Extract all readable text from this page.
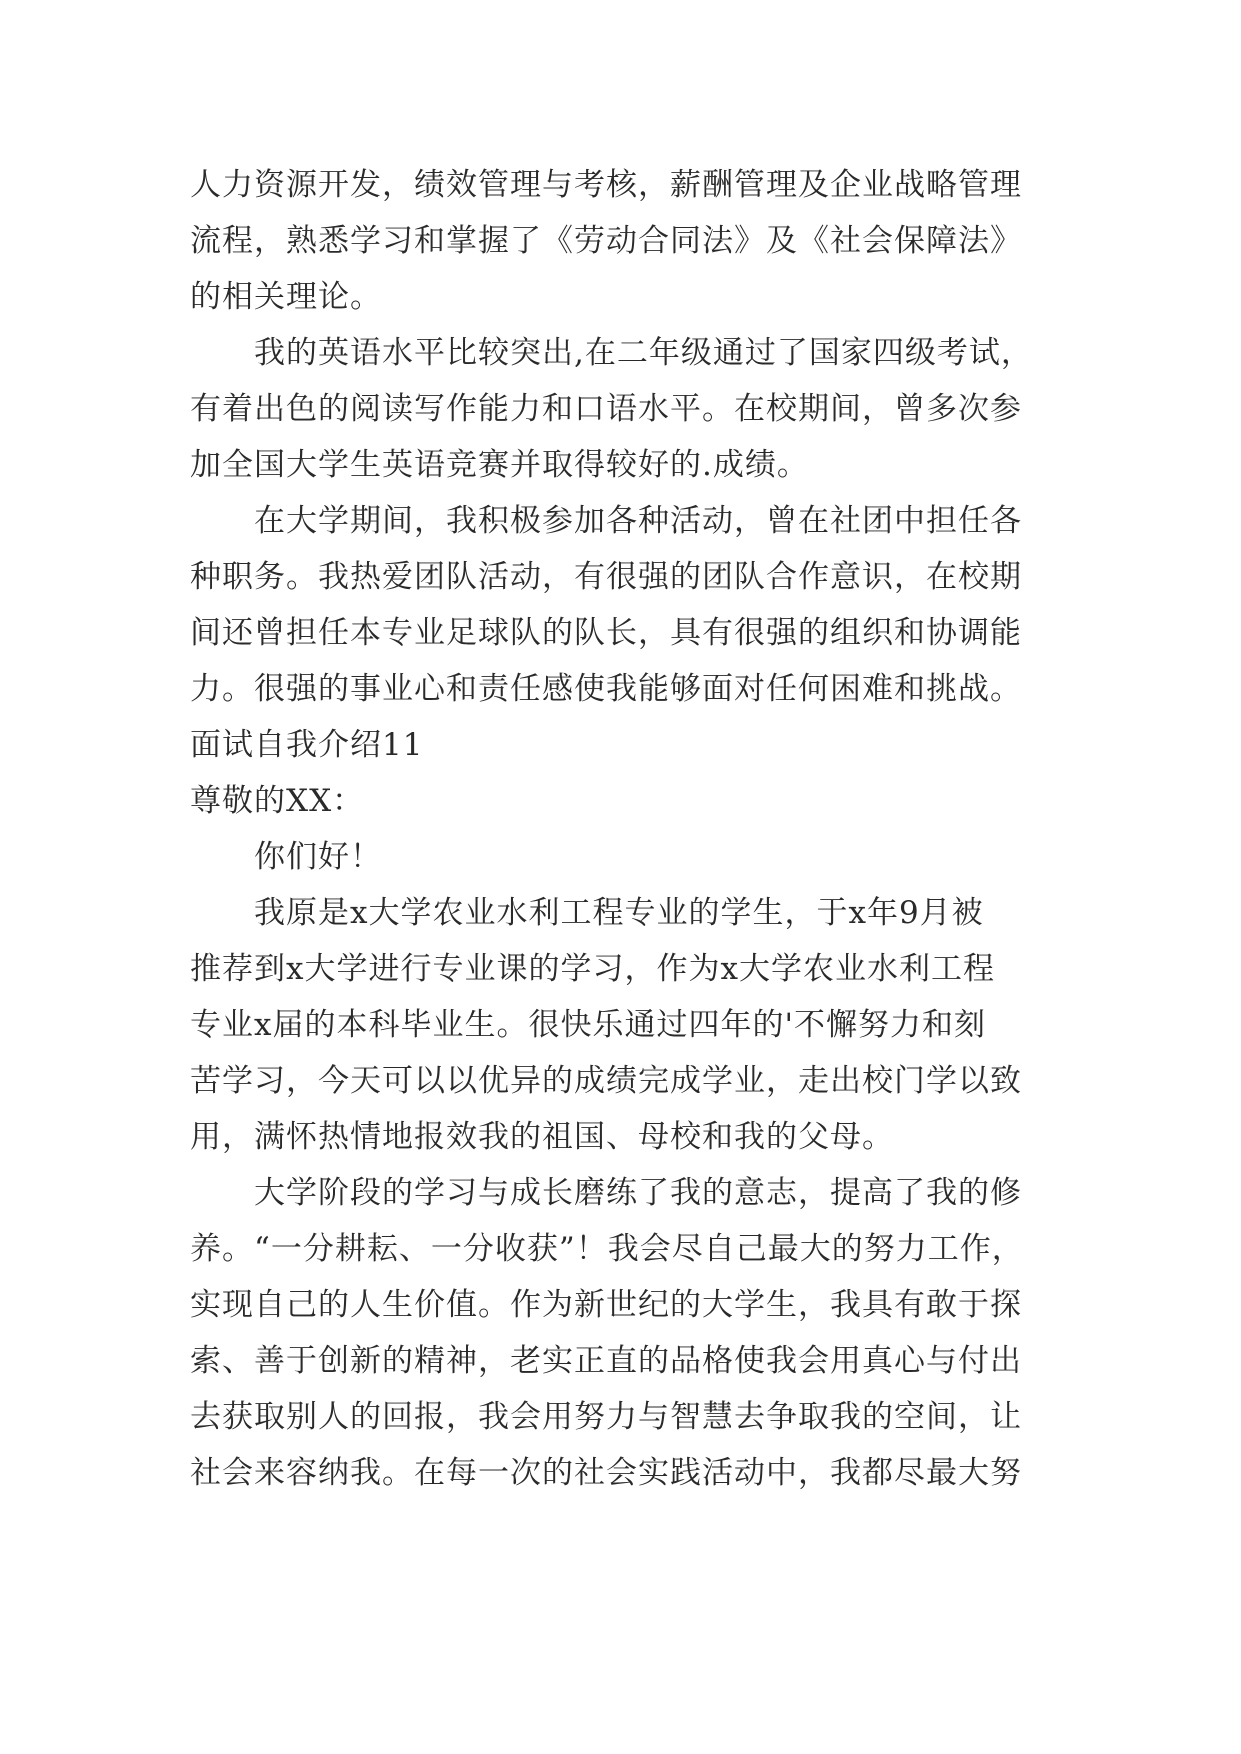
人力资源开发，绩效管理与考核，薪酬管理及企业战略管理
流程，熟悉学习和掌握了《劳动合同法》及《社会保障法》
的相关理论。
我的英语水平比较突出,在二年级通过了国家四级考试，
有着出色的阅读写作能力和口语水平。在校期间，曾多次参
加全国大学生英语竞赛并取得较好的.成绩。
在大学期间，我积极参加各种活动，曾在社团中担任各
种职务。我热爱团队活动，有很强的团队合作意识，在校期
间还曾担任本专业足球队的队长，具有很强的组织和协调能
力。很强的事业心和责任感使我能够面对任何困难和挑战。
面试自我介绍11
尊敬的XX：
你们好！
我原是x大学农业水利工程专业的学生，于x年9月被
推荐到x大学进行专业课的学习，作为x大学农业水利工程
专业x届的本科毕业生。很快乐通过四年的'不懈努力和刻
苦学习，今天可以以优异的成绩完成学业，走出校门学以致
用，满怀热情地报效我的祖国、母校和我的父母。
大学阶段的学习与成长磨练了我的意志，提高了我的修
养。“一分耕耘、一分收获”！我会尽自己最大的努力工作，
实现自己的人生价值。作为新世纪的大学生，我具有敢于探
索、善于创新的精神，老实正直的品格使我会用真心与付出
去获取别人的回报，我会用努力与智慧去争取我的空间，让
社会来容纳我。在每一次的社会实践活动中，我都尽最大努
